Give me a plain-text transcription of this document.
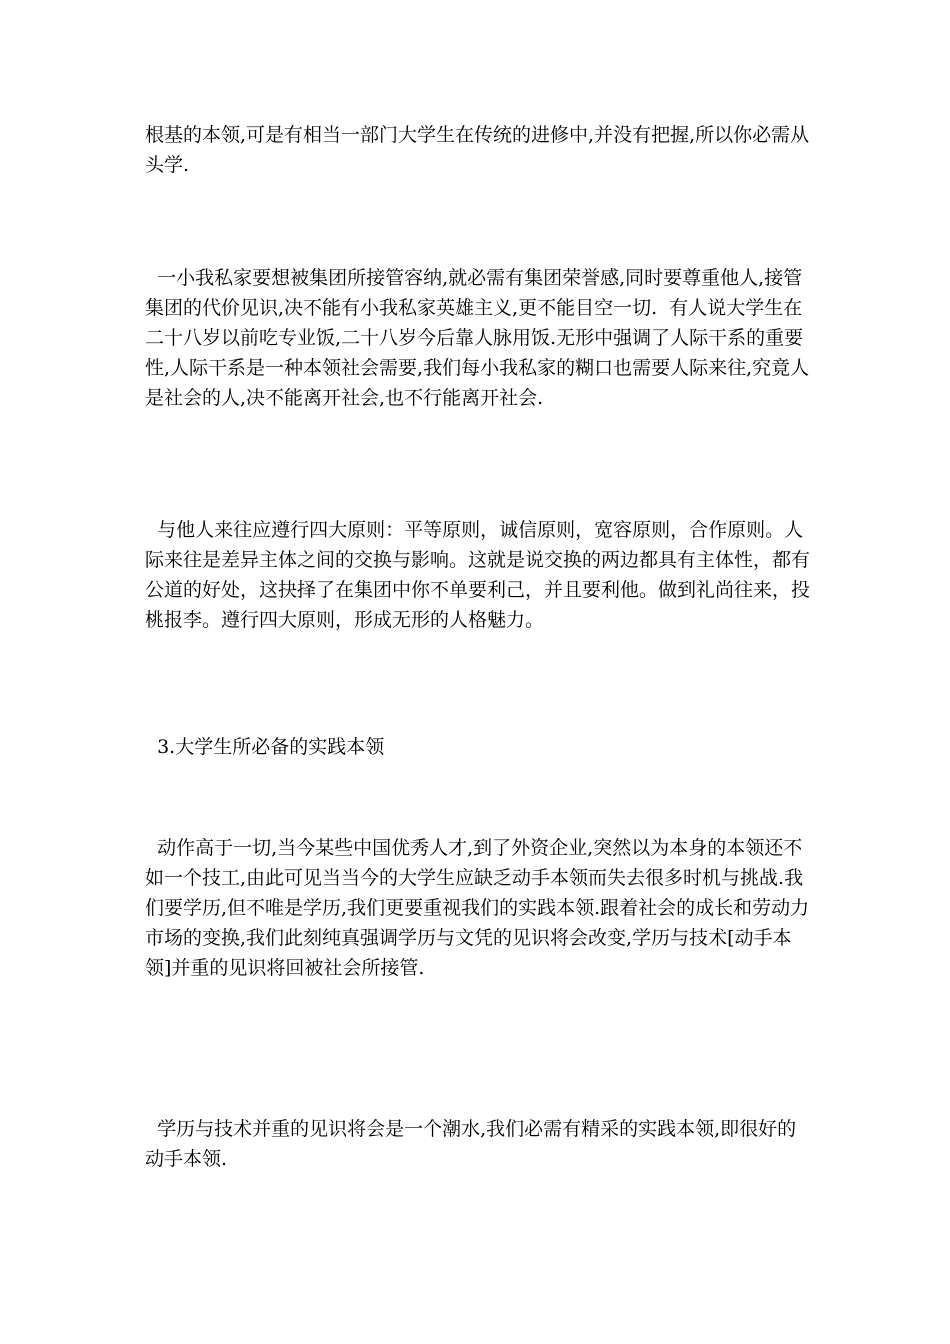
根基的本领,可是有相当一部门大学生在传统的进修中,并没有把握,所以你必需从头学.

一小我私家要想被集团所接管容纳,就必需有集团荣誉感,同时要尊重他人,接管集团的代价见识,决不能有小我私家英雄主义,更不能目空一切.  有人说大学生在二十八岁以前吃专业饭,二十八岁今后靠人脉用饭.无形中强调了人际干系的重要性,人际干系是一种本领社会需要,我们每小我私家的糊口也需要人际来往,究竟人是社会的人,决不能离开社会,也不行能离开社会.

与他人来往应遵行四大原则：平等原则，诚信原则，宽容原则，合作原则。人际来往是差异主体之间的交换与影响。这就是说交换的两边都具有主体性，都有公道的好处，这抉择了在集团中你不单要利己，并且要利他。做到礼尚往来，投桃报李。遵行四大原则，形成无形的人格魅力。

3.大学生所必备的实践本领

动作高于一切,当今某些中国优秀人才,到了外资企业,突然以为本身的本领还不如一个技工,由此可见当当今的大学生应缺乏动手本领而失去很多时机与挑战.我们要学历,但不唯是学历,我们更要重视我们的实践本领.跟着社会的成长和劳动力市场的变换,我们此刻纯真强调学历与文凭的见识将会改变,学历与技术[动手本领]并重的见识将回被社会所接管.

学历与技术并重的见识将会是一个潮水,我们必需有精采的实践本领,即很好的动手本领.
